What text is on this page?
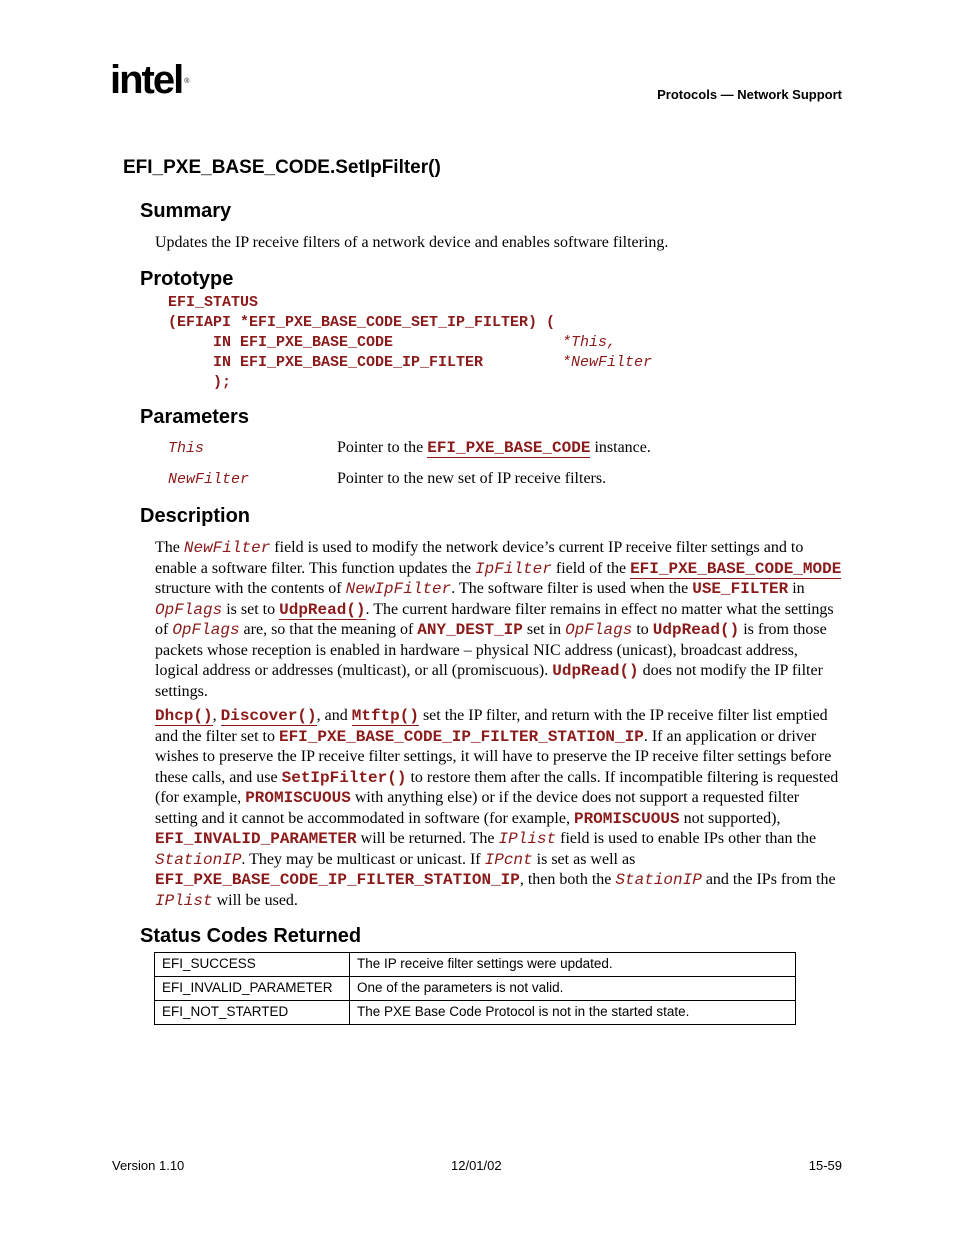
intel ®
Protocols — Network Support
EFI_PXE_BASE_CODE.SetIpFilter()
Summary
Updates the IP receive filters of a network device and enables software filtering.
Prototype
EFI_STATUS
(EFIAPI *EFI_PXE_BASE_CODE_SET_IP_FILTER) (
IN EFI_PXE_BASE_CODE	*This,
IN EFI_PXE_BASE_CODE_IP_FILTER	*NewFilter
);
Parameters
This	Pointer to the EFI_PXE_BASE_CODE instance.
NewFilter	Pointer to the new set of IP receive filters.
Description
The NewFilter field is used to modify the network device’s current IP receive filter settings and to enable a software filter. This function updates the IpFilter field of the EFI_PXE_BASE_CODE_MODE structure with the contents of NewIpFilter. The software filter is used when the USE_FILTER in OpFlags is set to UdpRead(). The current hardware filter remains in effect no matter what the settings of OpFlags are, so that the meaning of ANY_DEST_IP set in OpFlags to UdpRead() is from those packets whose reception is enabled in hardware – physical NIC address (unicast), broadcast address, logical address or addresses (multicast), or all (promiscuous). UdpRead() does not modify the IP filter settings.
Dhcp(), Discover(), and Mtftp() set the IP filter, and return with the IP receive filter list emptied and the filter set to EFI_PXE_BASE_CODE_IP_FILTER_STATION_IP. If an application or driver wishes to preserve the IP receive filter settings, it will have to preserve the IP receive filter settings before these calls, and use SetIpFilter() to restore them after the calls. If incompatible filtering is requested (for example, PROMISCUOUS with anything else) or if the device does not support a requested filter setting and it cannot be accommodated in software (for example, PROMISCUOUS not supported), EFI_INVALID_PARAMETER will be returned. The IPlist field is used to enable IPs other than the StationIP. They may be multicast or unicast. If IPcnt is set as well as EFI_PXE_BASE_CODE_IP_FILTER_STATION_IP, then both the StationIP and the IPs from the IPlist will be used.
Status Codes Returned
EFI_SUCCESS	The IP receive filter settings were updated.
EFI_INVALID_PARAMETER	One of the parameters is not valid.
EFI_NOT_STARTED	The PXE Base Code Protocol is not in the started state.
Version 1.10	12/01/02	15-59
